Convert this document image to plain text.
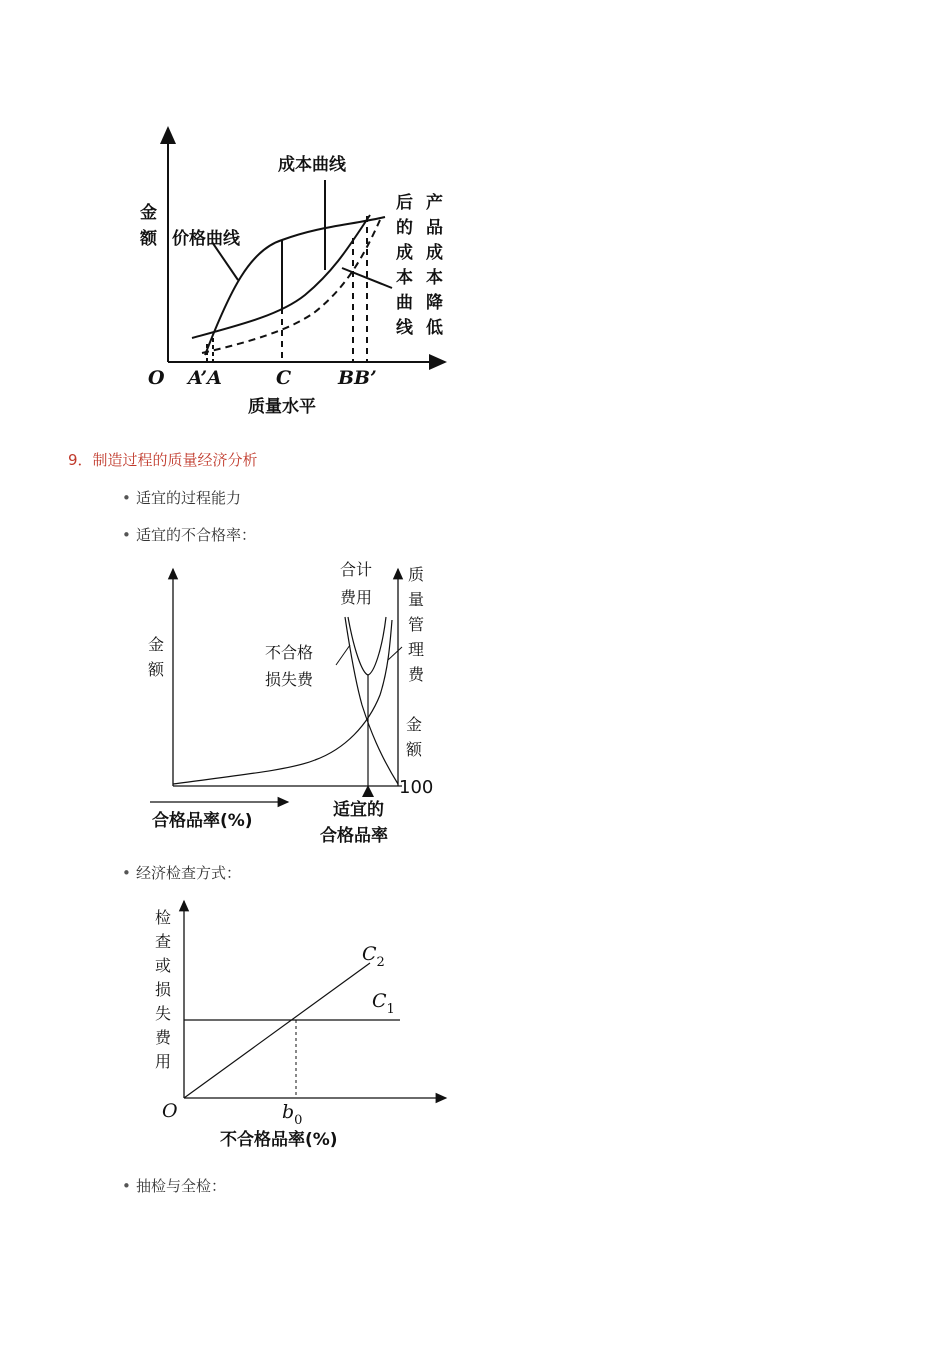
金
额 价格曲线
成本曲线
O A’A	C BB’
质量水平
后
的
成
本
曲
线
产
品
成
本
降
低
9．制造过程的质量经济分析
• 适宜的过程能力
• 适宜的不合格率：
金
额
合计
费用
不合格
损失费
质
量
管
理
费
金
额
100
合格品率(%)
适宜的
合格品率
• 经济检查方式：
检
查
或
损
失
费
用
O
$C_2$
$C_1$
$b_0$
不合格品率(%)
• 抽检与全检：
